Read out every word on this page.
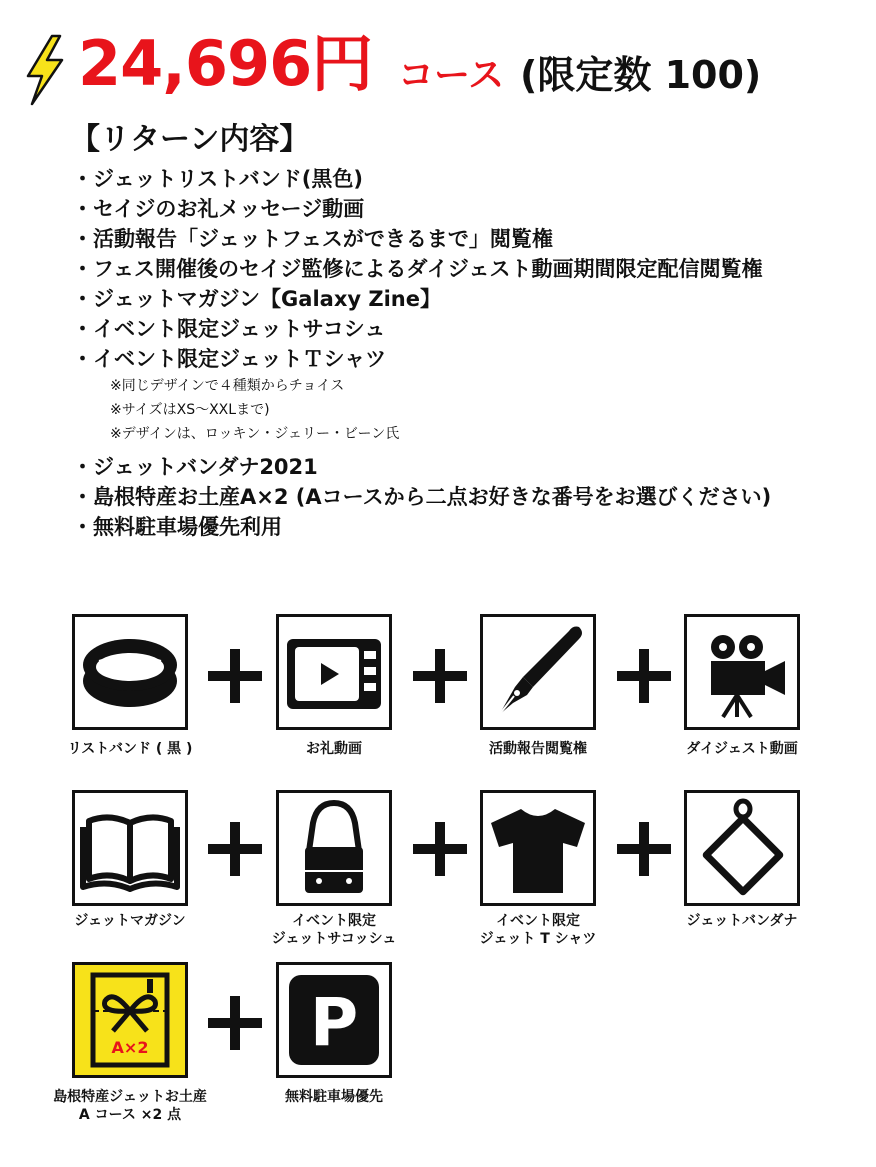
24,696円 コース (限定数 100)
【リターン内容】
・ジェットリストバンド(黒色)
・セイジのお礼メッセージ動画
・活動報告「ジェットフェスができるまで」閲覧権
・フェス開催後のセイジ監修によるダイジェスト動画期間限定配信閲覧権
・ジェットマガジン【Galaxy Zine】
・イベント限定ジェットサコシュ
・イベント限定ジェットＴシャツ
※同じデザインで４種類からチョイス
※サイズはXS～XXLまで)
※デザインは、ロッキン・ジェリー・ビーン氏
・ジェットバンダナ2021
・島根特産お土産A×2 (Aコースから二点お好きな番号をお選びください)
・無料駐車場優先利用
リストバンド ( 黒 )	お礼動画	活動報告閲覧権	ダイジェスト動画
ジェットマガジン	イベント限定
ジェットサコッシュ
イベント限定
ジェット T シャツ
ジェットバンダナ
A×2 P
島根特産ジェットお土産
A コース ×2 点
無料駐車場優先
